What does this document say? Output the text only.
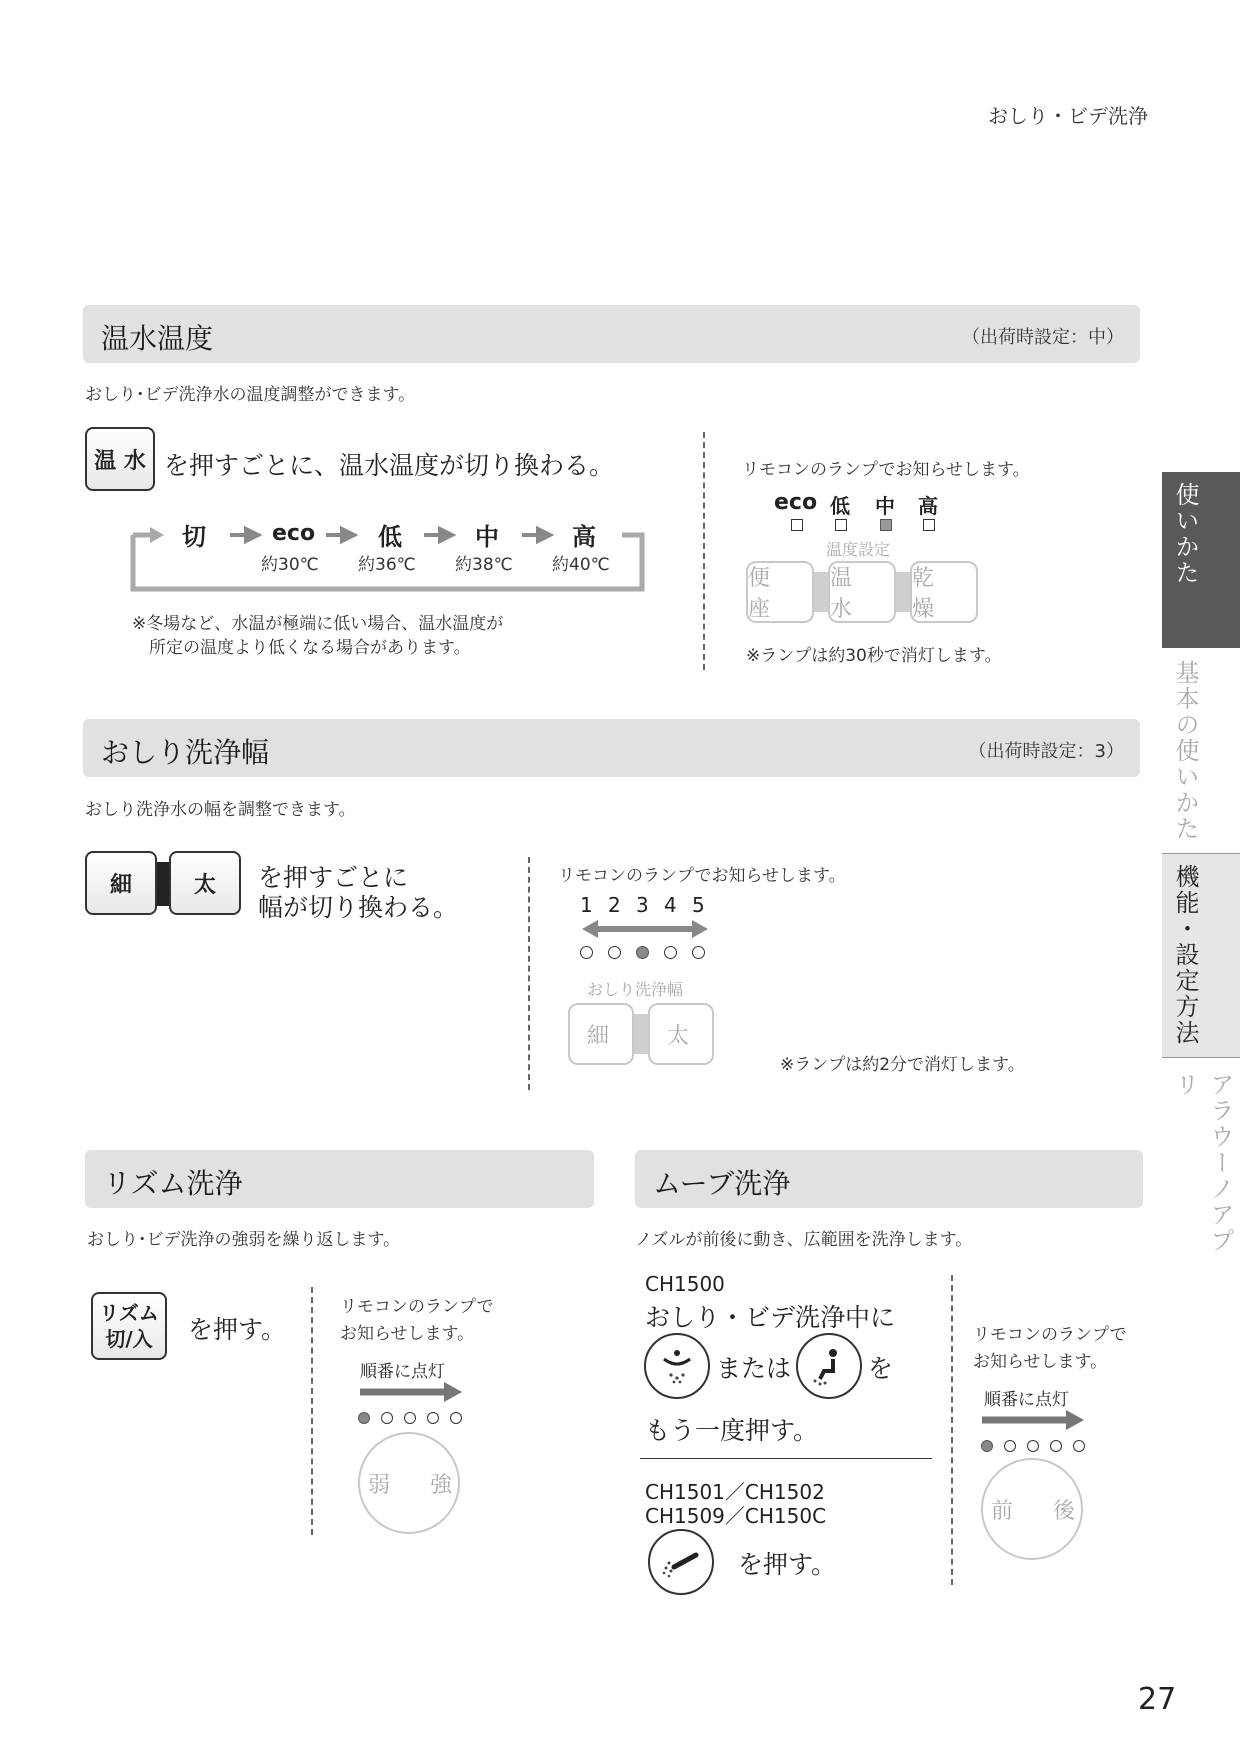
おしり・ビデ洗浄
使いかた
基本の使いかた
機能・設定方法
アラウーノアプリ
温水温度	（出荷時設定：中）
おしり･ビデ洗浄水の温度調整ができます。
温 水 を押すごとに、温水温度が切り換わる。
切	eco	低	中	高
約30℃ 約36℃ 約38℃ 約40℃
※冬場など、水温が極端に低い場合、温水温度が
所定の温度より低くなる場合があります。
リモコンのランプでお知らせします。
eco 低 中 高
温度設定
便 座
温 水
乾 燥
※ランプは約30秒で消灯します。
おしり洗浄幅	（出荷時設定：3）
おしり洗浄水の幅を調整できます。
細	太	を押すごとに
幅が切り換わる。
リモコンのランプでお知らせします。
1 2 3 4 5
おしり洗浄幅
細	太
※ランプは約2分で消灯します。
リズム洗浄
おしり･ビデ洗浄の強弱を繰り返します。
リズム
切/入 を押す。
リモコンのランプで
お知らせします。
順番に点灯
弱 強
ムーブ洗浄
ノズルが前後に動き、広範囲を洗浄します。
CH1500
おしり・ビデ洗浄中に
または	を
もう一度押す。
CH1501／CH1502
CH1509／CH150C
を押す。
リモコンのランプで
お知らせします。
順番に点灯
前 後
27
